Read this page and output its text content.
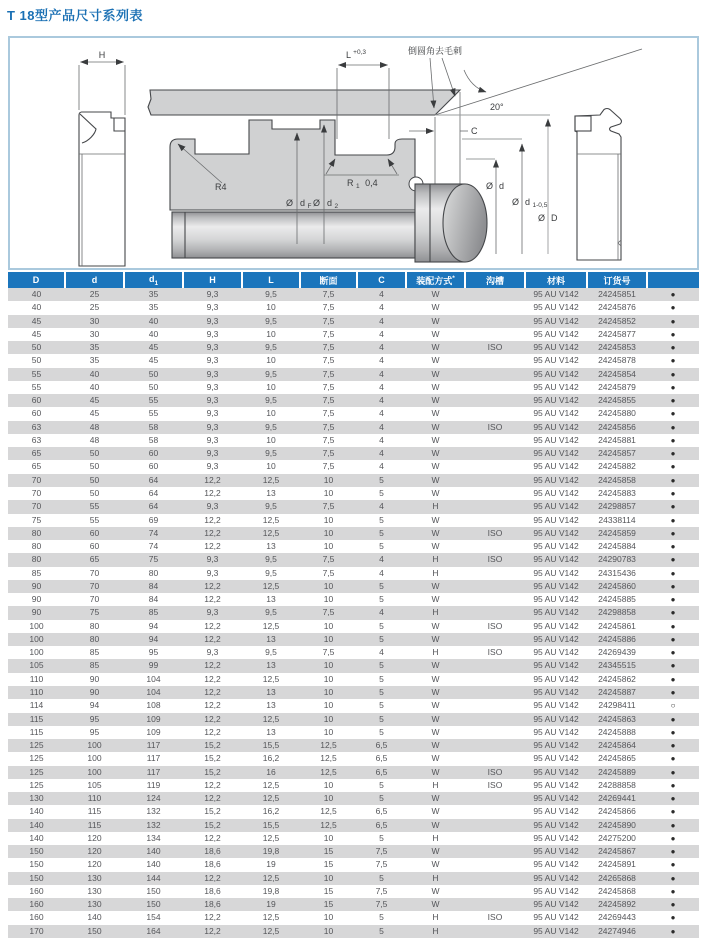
T 18型产品尺寸系列表
H	倒圆角去毛刺
20°
L $^{+0,3}$
C
R4	R $_1$ 0,4
Ø d $_F$ Ø d $_2$
Ø d
Ø d $_{1-0,5}$
Ø D
D	d	$d_1$	H	L	断面	C	装配方式*	沟槽	材料	订货号	
40	25	35	9,3	9,5	7,5	4	W		95 AU V142	24245851	●
40	25	35	9,3	10	7,5	4	W		95 AU V142	24245876	●
45	30	40	9,3	9,5	7,5	4	W		95 AU V142	24245852	●
45	30	40	9,3	10	7,5	4	W		95 AU V142	24245877	●
50	35	45	9,3	9,5	7,5	4	W	ISO	95 AU V142	24245853	●
50	35	45	9,3	10	7,5	4	W		95 AU V142	24245878	●
55	40	50	9,3	9,5	7,5	4	W		95 AU V142	24245854	●
55	40	50	9,3	10	7,5	4	W		95 AU V142	24245879	●
60	45	55	9,3	9,5	7,5	4	W		95 AU V142	24245855	●
60	45	55	9,3	10	7,5	4	W		95 AU V142	24245880	●
63	48	58	9,3	9,5	7,5	4	W	ISO	95 AU V142	24245856	●
63	48	58	9,3	10	7,5	4	W		95 AU V142	24245881	●
65	50	60	9,3	9,5	7,5	4	W		95 AU V142	24245857	●
65	50	60	9,3	10	7,5	4	W		95 AU V142	24245882	●
70	50	64	12,2	12,5	10	5	W		95 AU V142	24245858	●
70	50	64	12,2	13	10	5	W		95 AU V142	24245883	●
70	55	64	9,3	9,5	7,5	4	H		95 AU V142	24298857	●
75	55	69	12,2	12,5	10	5	W		95 AU V142	24338114	●
80	60	74	12,2	12,5	10	5	W	ISO	95 AU V142	24245859	●
80	60	74	12,2	13	10	5	W		95 AU V142	24245884	●
80	65	75	9,3	9,5	7,5	4	H	ISO	95 AU V142	24290783	●
85	70	80	9,3	9,5	7,5	4	H		95 AU V142	24315436	●
90	70	84	12,2	12,5	10	5	W		95 AU V142	24245860	●
90	70	84	12,2	13	10	5	W		95 AU V142	24245885	●
90	75	85	9,3	9,5	7,5	4	H		95 AU V142	24298858	●
100	80	94	12,2	12,5	10	5	W	ISO	95 AU V142	24245861	●
100	80	94	12,2	13	10	5	W		95 AU V142	24245886	●
100	85	95	9,3	9,5	7,5	4	H	ISO	95 AU V142	24269439	●
105	85	99	12,2	13	10	5	W		95 AU V142	24345515	●
110	90	104	12,2	12,5	10	5	W		95 AU V142	24245862	●
110	90	104	12,2	13	10	5	W		95 AU V142	24245887	●
114	94	108	12,2	13	10	5	W		95 AU V142	24298411	○
115	95	109	12,2	12,5	10	5	W		95 AU V142	24245863	●
115	95	109	12,2	13	10	5	W		95 AU V142	24245888	●
125	100	117	15,2	15,5	12,5	6,5	W		95 AU V142	24245864	●
125	100	117	15,2	16,2	12,5	6,5	W		95 AU V142	24245865	●
125	100	117	15,2	16	12,5	6,5	W	ISO	95 AU V142	24245889	●
125	105	119	12,2	12,5	10	5	H	ISO	95 AU V142	24288858	●
130	110	124	12,2	12,5	10	5	W		95 AU V142	24269441	●
140	115	132	15,2	16,2	12,5	6,5	W		95 AU V142	24245866	●
140	115	132	15,2	15,5	12,5	6,5	W		95 AU V142	24245890	●
140	120	134	12,2	12,5	10	5	H		95 AU V142	24275200	●
150	120	140	18,6	19,8	15	7,5	W		95 AU V142	24245867	●
150	120	140	18,6	19	15	7,5	W		95 AU V142	24245891	●
150	130	144	12,2	12,5	10	5	H		95 AU V142	24265868	●
160	130	150	18,6	19,8	15	7,5	W		95 AU V142	24245868	●
160	130	150	18,6	19	15	7,5	W		95 AU V142	24245892	●
160	140	154	12,2	12,5	10	5	H	ISO	95 AU V142	24269443	●
170	150	164	12,2	12,5	10	5	H		95 AU V142	24274946	●
